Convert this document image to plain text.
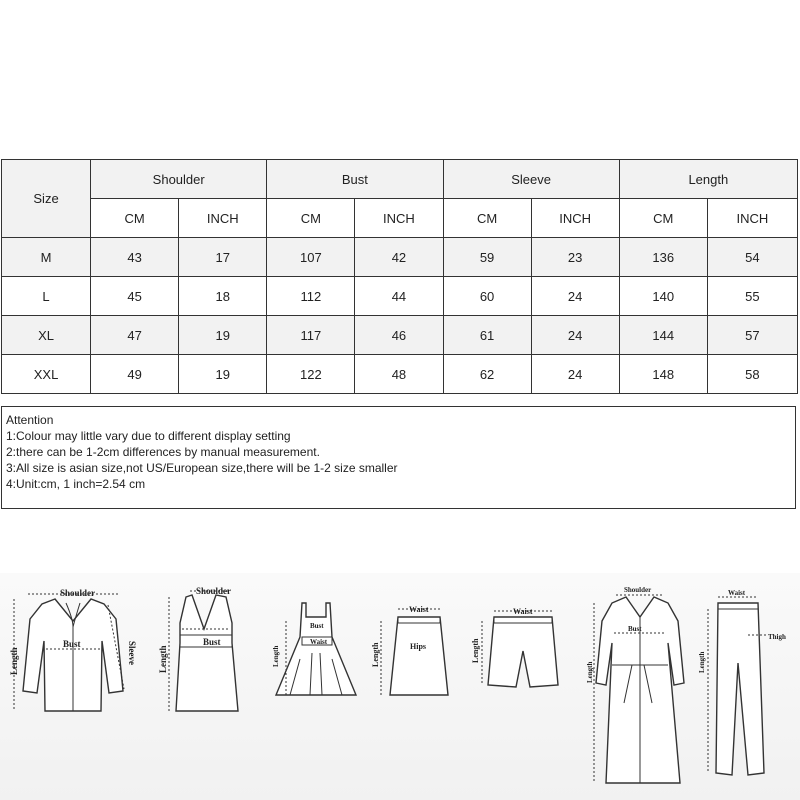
Size	Shoulder		Bust		Sleeve		Length	
	CM	INCH	CM	INCH	CM	INCH	CM	INCH
M	43	17	107	42	59	23	136	54
L	45	18	112	44	60	24	140	55
XL	47	19	117	46	61	24	144	57
XXL	49	19	122	48	62	24	148	58
Attention
1:Colour may little vary due to different display setting
2:there can be 1-2cm differences by manual measurement.
3:All size is asian size,not US/European size,there will be 1-2 size smaller
4:Unit:cm, 1 inch=2.54 cm
Shoulder
Bust
Length	Sleeve
Shoulder
Bust
Length
Bust
Waist
Length
Waist
Hips
Length
Waist
Length
Shoulder
Bust
Length
Waist
Thigh
Length
